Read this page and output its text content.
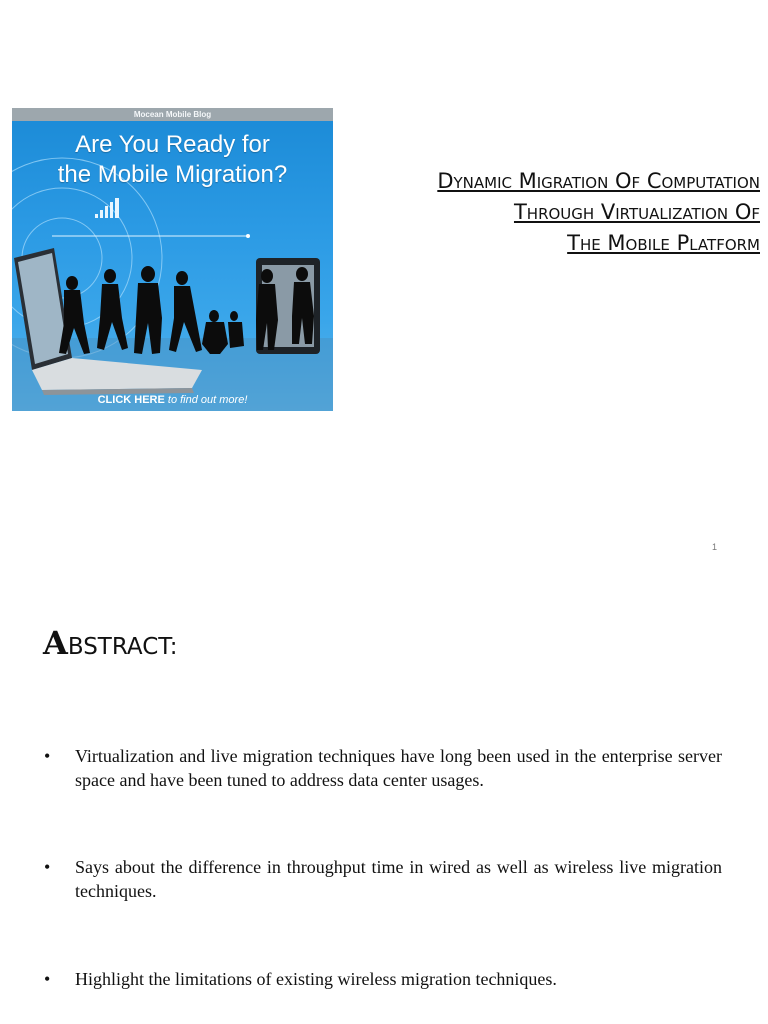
Mocean Mobile Blog
Are You Ready for
the Mobile Migration?
CLICK HERE to find out more!
Dynamic Migration Of Computation
Through Virtualization Of
The Mobile Platform
1
ABSTRACT:
• Virtualization and live migration techniques have long been used in the enterprise server space and have been tuned to address data center usages.
• Says about the difference in throughput time in wired as well as wireless live migration techniques.
• Highlight the limitations of existing wireless migration techniques.
